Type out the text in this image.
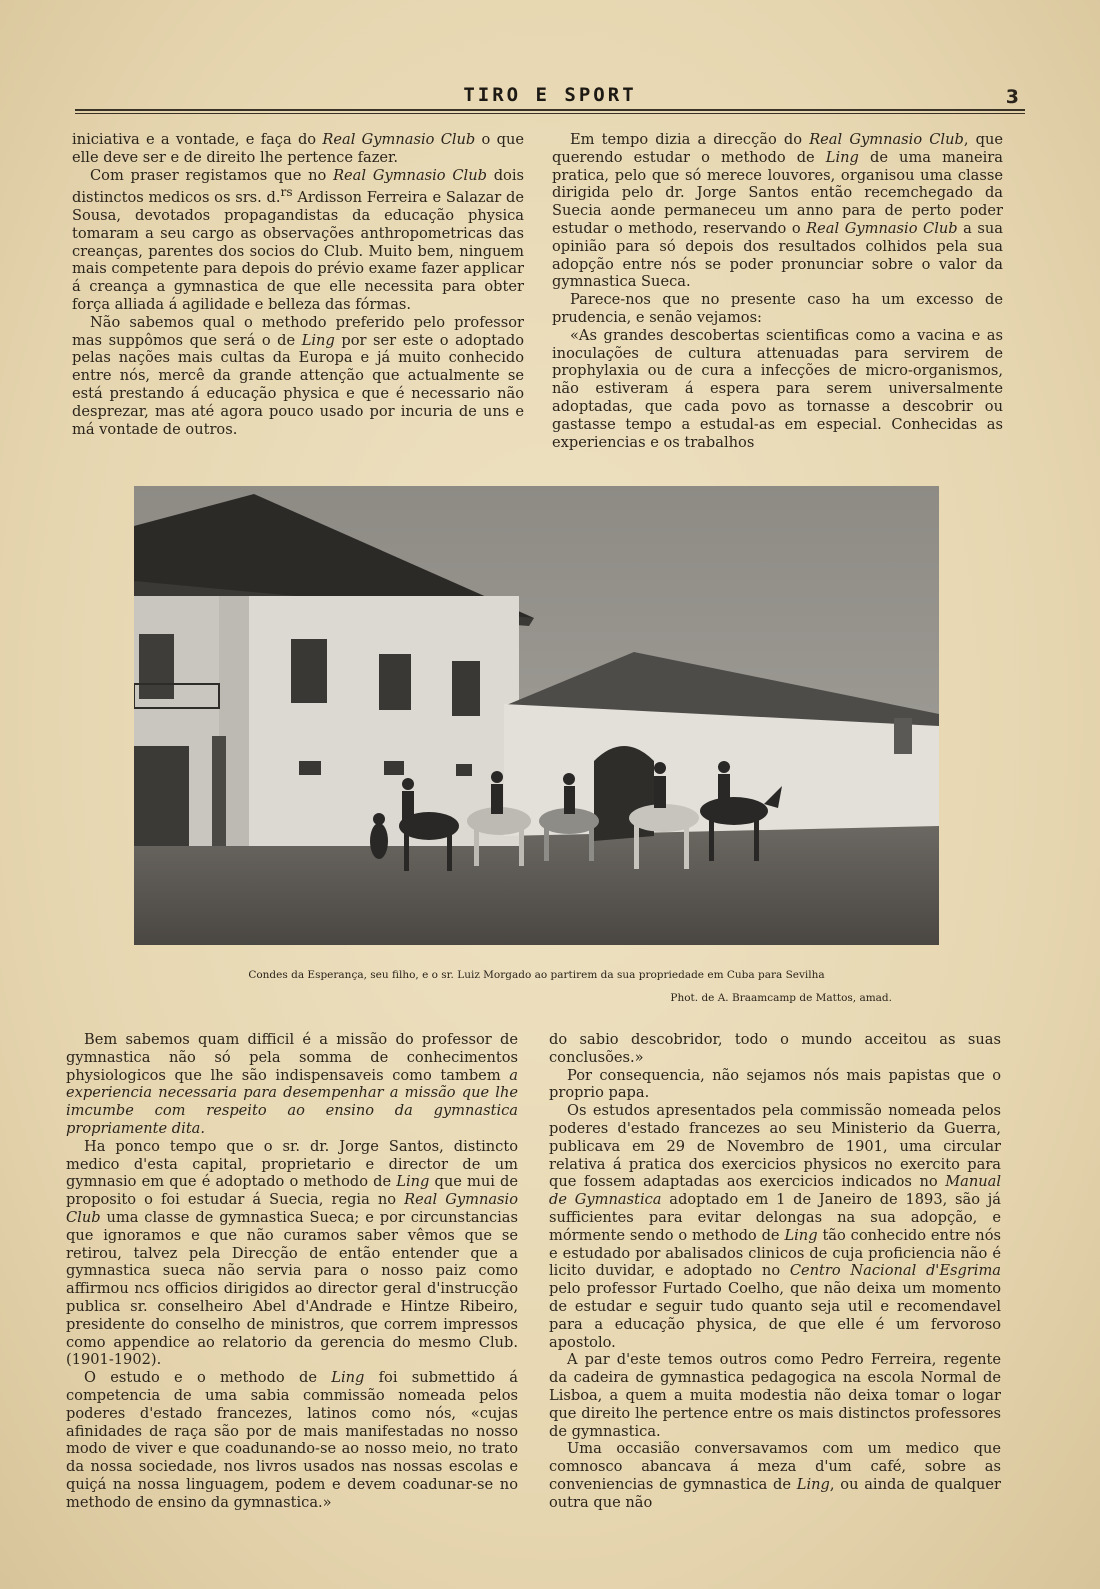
TIRO E SPORT	3

iniciativa e a vontade, e faça do Real Gymnasio Club o que elle deve ser e de direito lhe pertence fazer.

Com praser registamos que no Real Gymnasio Club dois distinctos medicos os srs. d.$^{rs}$ Ardisson Ferreira e Salazar de Sousa, devotados propagandistas da educação physica tomaram a seu cargo as observações anthropometricas das creanças, parentes dos socios do Club. Muito bem, ninguem mais competente para depois do prévio exame fazer applicar á creança a gymnastica de que elle necessita para obter força alliada á agilidade e belleza das fórmas.

Não sabemos qual o methodo preferido pelo professor mas suppômos que será o de Ling por ser este o adoptado pelas nações mais cultas da Europa e já muito conhecido entre nós, mercê da grande attenção que actualmente se está prestando á educação physica e que é necessario não desprezar, mas até agora pouco usado por incuria de uns e má vontade de outros.

Em tempo dizia a direcção do Real Gymnasio Club, que querendo estudar o methodo de Ling de uma maneira pratica, pelo que só merece louvores, organisou uma classe dirigida pelo dr. Jorge Santos então recemchegado da Suecia aonde permaneceu um anno para de perto poder estudar o methodo, reservando o Real Gymnasio Club a sua opinião para só depois dos resultados colhidos pela sua adopção entre nós se poder pronunciar sobre o valor da gymnastica Sueca.

Parece-nos que no presente caso ha um excesso de prudencia, e senão vejamos:

«As grandes descobertas scientificas como a vacina e as inoculações de cultura attenuadas para servirem de prophylaxia ou de cura a infecções de micro-organismos, não estiveram á espera para serem universalmente adoptadas, que cada povo as tornasse a descobrir ou gastasse tempo a estudal-as em especial. Conhecidas as experiencias e os trabalhos

Condes da Esperança, seu filho, e o sr. Luiz Morgado ao partirem da sua propriedade em Cuba para Sevilha
Phot. de A. Braamcamp de Mattos, amad.

Bem sabemos quam difficil é a missão do professor de gymnastica não só pela somma de conhecimentos physiologicos que lhe são indispensaveis como tambem a experiencia necessaria para desempenhar a missão que lhe imcumbe com respeito ao ensino da gymnastica propriamente dita.

Ha ponco tempo que o sr. dr. Jorge Santos, distincto medico d'esta capital, proprietario e director de um gymnasio em que é adoptado o methodo de Ling que mui de proposito o foi estudar á Suecia, regia no Real Gymnasio Club uma classe de gymnastica Sueca; e por circunstancias que ignoramos e que não curamos saber vêmos que se retirou, talvez pela Direcção de então entender que a gymnastica sueca não servia para o nosso paiz como affirmou ncs officios dirigidos ao director geral d'instrucção publica sr. conselheiro Abel d'Andrade e Hintze Ribeiro, presidente do conselho de ministros, que correm impressos como appendice ao relatorio da gerencia do mesmo Club. (1901-1902).

O estudo e o methodo de Ling foi submettido á competencia de uma sabia commissão nomeada pelos poderes d'estado francezes, latinos como nós, «cujas afinidades de raça são por de mais manifestadas no nosso modo de viver e que coadunando-se ao nosso meio, no trato da nossa sociedade, nos livros usados nas nossas escolas e quiçá na nossa linguagem, podem e devem coadunar-se no methodo de ensino da gymnastica.»

do sabio descobridor, todo o mundo acceitou as suas conclusões.»

Por consequencia, não sejamos nós mais papistas que o proprio papa.

Os estudos apresentados pela commissão nomeada pelos poderes d'estado francezes ao seu Ministerio da Guerra, publicava em 29 de Novembro de 1901, uma circular relativa á pratica dos exercicios physicos no exercito para que fossem adaptadas aos exercicios indicados no Manual de Gymnastica adoptado em 1 de Janeiro de 1893, são já sufficientes para evitar delongas na sua adopção, e mórmente sendo o methodo de Ling tão conhecido entre nós e estudado por abalisados clinicos de cuja proficiencia não é licito duvidar, e adoptado no Centro Nacional d'Esgrima pelo professor Furtado Coelho, que não deixa um momento de estudar e seguir tudo quanto seja util e recomendavel para a educação physica, de que elle é um fervoroso apostolo.

A par d'este temos outros como Pedro Ferreira, regente da cadeira de gymnastica pedagogica na escola Normal de Lisboa, a quem a muita modestia não deixa tomar o logar que direito lhe pertence entre os mais distinctos professores de gymnastica.

Uma occasião conversavamos com um medico que comnosco abancava á meza d'um café, sobre as conveniencias de gymnastica de Ling, ou ainda de qualquer outra que não
